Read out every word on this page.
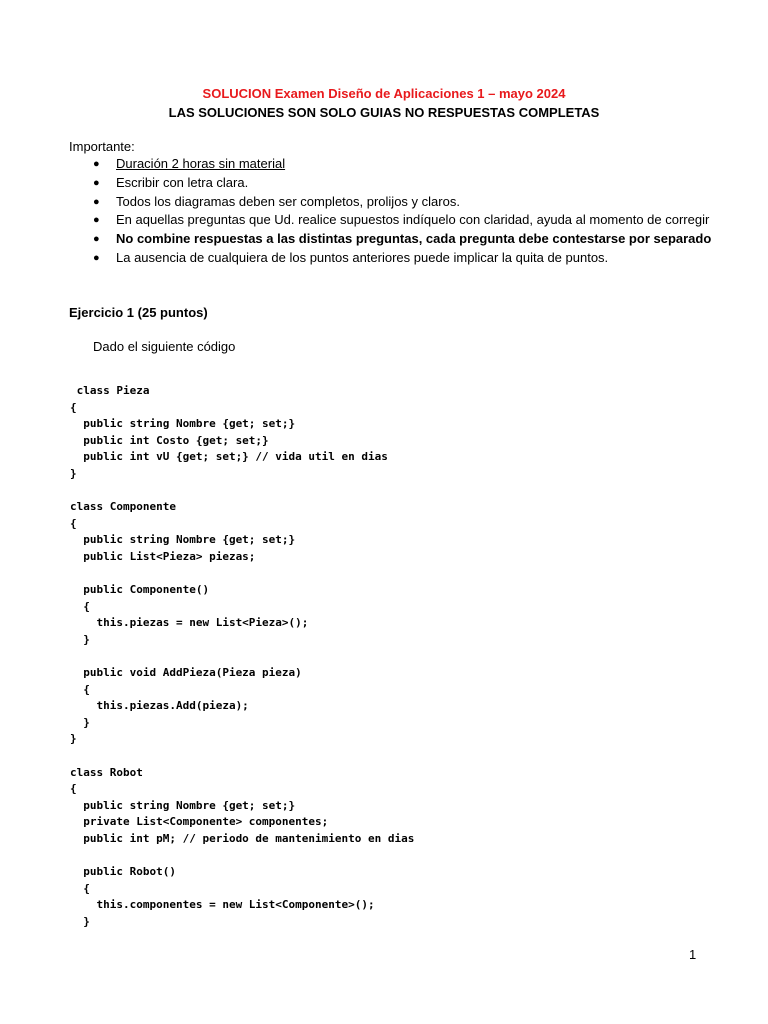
SOLUCION Examen Diseño de Aplicaciones 1 – mayo 2024
LAS SOLUCIONES SON SOLO GUIAS NO RESPUESTAS COMPLETAS
Importante:
● Duración 2 horas sin material
● Escribir con letra clara.
● Todos los diagramas deben ser completos, prolijos y claros.
● En aquellas preguntas que Ud. realice supuestos indíquelo con claridad, ayuda al momento de corregir
● No combine respuestas a las distintas preguntas, cada pregunta debe contestarse por separado
● La ausencia de cualquiera de los puntos anteriores puede implicar la quita de puntos.
Ejercicio 1 (25 puntos)
Dado el siguiente código
class Pieza
{
public string Nombre {get; set;}
public int Costo {get; set;}
public int vU {get; set;} // vida util en dias
}

class Componente
{
public string Nombre {get; set;}
public List<Pieza> piezas;

public Componente()
{
this.piezas = new List<Pieza>();
}

public void AddPieza(Pieza pieza)
{
this.piezas.Add(pieza);
}
}

class Robot
{
public string Nombre {get; set;}
private List<Componente> componentes;
public int pM; // periodo de mantenimiento en dias

public Robot()
{
this.componentes = new List<Componente>();
}
1
